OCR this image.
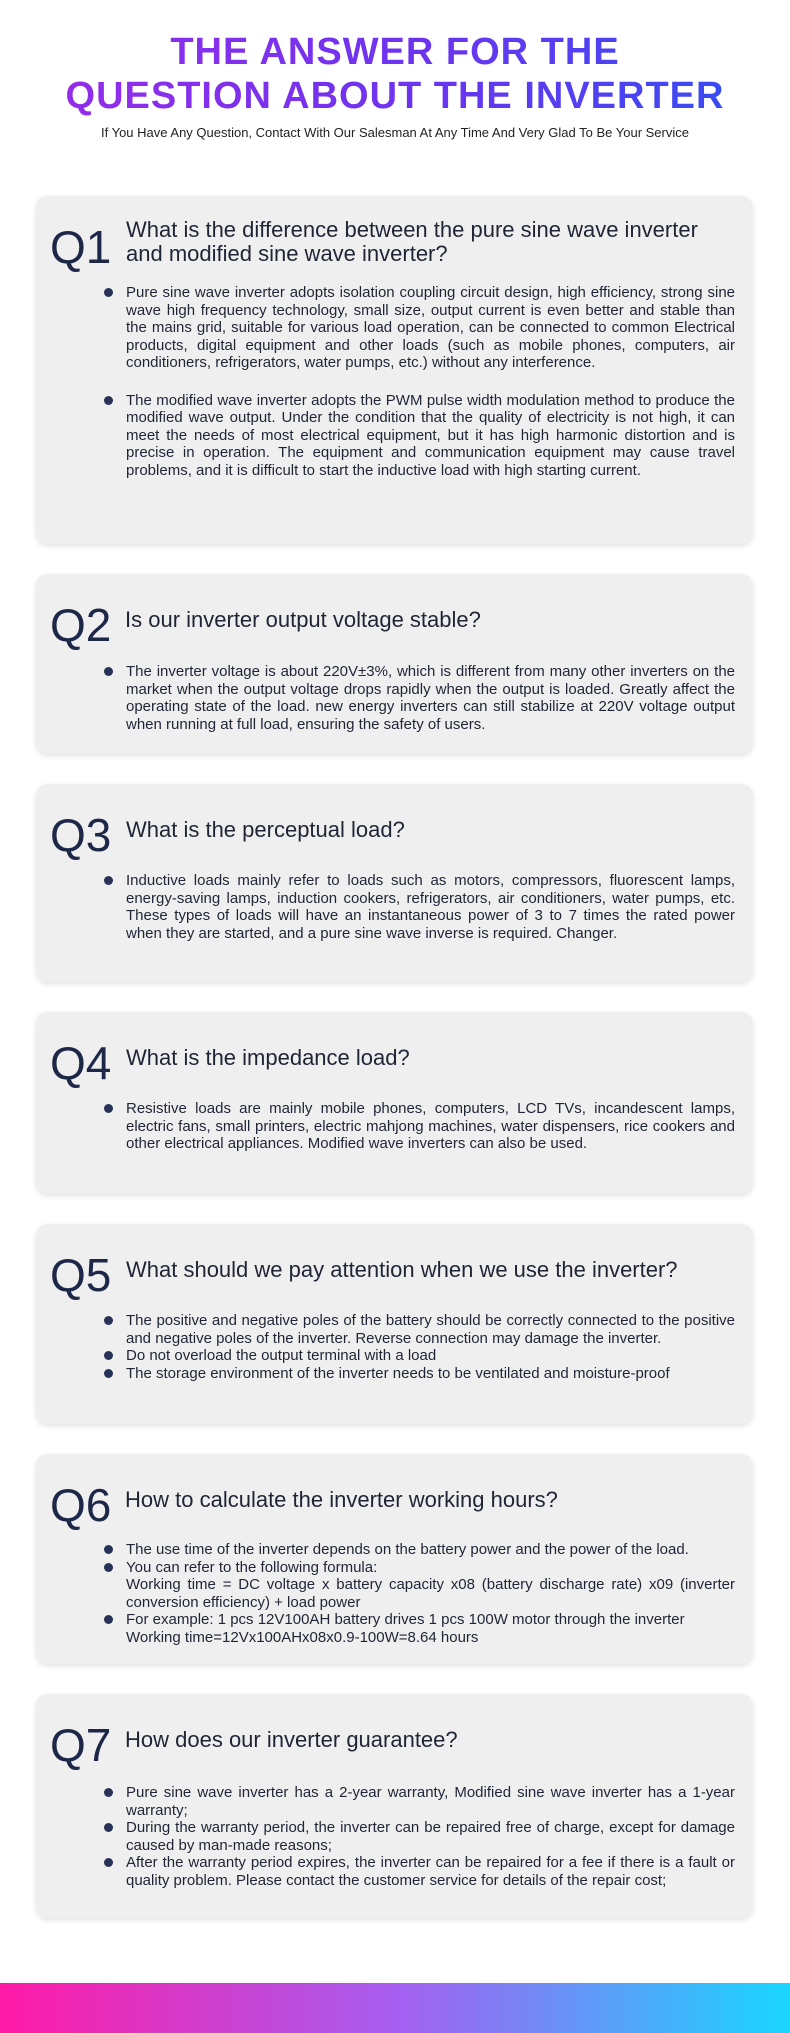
THE ANSWER FOR THE
QUESTION ABOUT THE INVERTER

If You Have Any Question, Contact With Our Salesman At Any Time And Very Glad To Be Your Service

Q1 What is the difference between the pure sine wave inverter
and modified sine wave inverter?
Pure sine wave inverter adopts isolation coupling circuit design, high efficiency, strong sine wave high frequency technology, small size, output current is even better and stable than the mains grid, suitable for various load operation, can be connected to common Electrical products, digital equipment and other loads (such as mobile phones, computers, air conditioners, refrigerators, water pumps, etc.) without any interference.
The modified wave inverter adopts the PWM pulse width modulation method to produce the modified wave output. Under the condition that the quality of electricity is not high, it can meet the needs of most electrical equipment, but it has high harmonic distortion and is precise in operation. The equipment and communication equipment may cause travel problems, and it is difficult to start the inductive load with high starting current.
Q2 Is our inverter output voltage stable?
The inverter voltage is about 220V±3%, which is different from many other inverters on the market when the output voltage drops rapidly when the output is loaded. Greatly affect the operating state of the load. new energy inverters can still stabilize at 220V voltage output when running at full load, ensuring the safety of users.
Q3 What is the perceptual load?
Inductive loads mainly refer to loads such as motors, compressors, fluorescent lamps, energy-saving lamps, induction cookers, refrigerators, air conditioners, water pumps, etc. These types of loads will have an instantaneous power of 3 to 7 times the rated power when they are started, and a pure sine wave inverse is required. Changer.
Q4 What is the impedance load?
Resistive loads are mainly mobile phones, computers, LCD TVs, incandescent lamps, electric fans, small printers, electric mahjong machines, water dispensers, rice cookers and other electrical appliances. Modified wave inverters can also be used.
Q5 What should we pay attention when we use the inverter?
The positive and negative poles of the battery should be correctly connected to the positive and negative poles of the inverter. Reverse connection may damage the inverter.
Do not overload the output terminal with a load
The storage environment of the inverter needs to be ventilated and moisture-proof
Q6 How to calculate the inverter working hours?
The use time of the inverter depends on the battery power and the power of the load.
You can refer to the following formula:
Working time = DC voltage x battery capacity x08 (battery discharge rate) x09 (inverter conversion efficiency) + load power
For example: 1 pcs 12V100AH battery drives 1 pcs 100W motor through the inverter
Working time=12Vx100AHx08x0.9-100W=8.64 hours
Q7 How does our inverter guarantee?
Pure sine wave inverter has a 2-year warranty, Modified sine wave inverter has a 1-year warranty;
During the warranty period, the inverter can be repaired free of charge, except for damage caused by man-made reasons;
After the warranty period expires, the inverter can be repaired for a fee if there is a fault or quality problem. Please contact the customer service for details of the repair cost;
